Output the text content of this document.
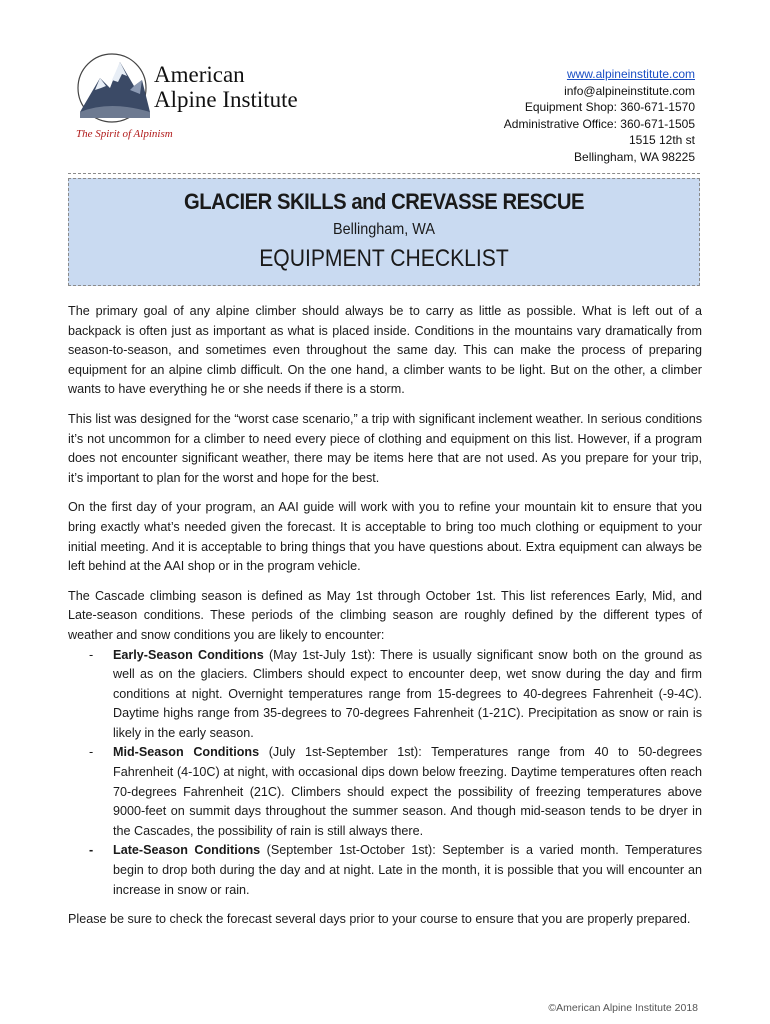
American
Alpine Institute
The Spirit of Alpinism
www.alpineinstitute.com
info@alpineinstitute.com
Equipment Shop: 360-671-1570
Administrative Office: 360-671-1505
1515 12th st
Bellingham, WA 98225
GLACIER SKILLS and CREVASSE RESCUE
Bellingham, WA
EQUIPMENT CHECKLIST

The primary goal of any alpine climber should always be to carry as little as possible. What is left out of a backpack is often just as important as what is placed inside. Conditions in the mountains vary dramatically from season-to-season, and sometimes even throughout the same day. This can make the process of preparing equipment for an alpine climb difficult. On the one hand, a climber wants to be light. But on the other, a climber wants to have everything he or she needs if there is a storm.

This list was designed for the “worst case scenario,” a trip with significant inclement weather. In serious conditions it’s not uncommon for a climber to need every piece of clothing and equipment on this list. However, if a program does not encounter significant weather, there may be items here that are not used. As you prepare for your trip, it’s important to plan for the worst and hope for the best.

On the first day of your program, an AAI guide will work with you to refine your mountain kit to ensure that you bring exactly what’s needed given the forecast. It is acceptable to bring too much clothing or equipment to your initial meeting. And it is acceptable to bring things that you have questions about. Extra equipment can always be left behind at the AAI shop or in the program vehicle.

The Cascade climbing season is defined as May 1st through October 1st. This list references Early, Mid, and Late-season conditions. These periods of the climbing season are roughly defined by the different types of weather and snow conditions you are likely to encounter:

- Early-Season Conditions (May 1st-July 1st): There is usually significant snow both on the ground as well as on the glaciers. Climbers should expect to encounter deep, wet snow during the day and firm conditions at night. Overnight temperatures range from 15-degrees to 40-degrees Fahrenheit (-9-4C). Daytime highs range from 35-degrees to 70-degrees Fahrenheit (1-21C). Precipitation as snow or rain is likely in the early season.
- Mid-Season Conditions (July 1st-September 1st): Temperatures range from 40 to 50-degrees Fahrenheit (4-10C) at night, with occasional dips down below freezing. Daytime temperatures often reach 70-degrees Fahrenheit (21C). Climbers should expect the possibility of freezing temperatures above 9000-feet on summit days throughout the summer season. And though mid-season tends to be dryer in the Cascades, the possibility of rain is still always there.
- Late-Season Conditions (September 1st-October 1st): September is a varied month. Temperatures begin to drop both during the day and at night. Late in the month, it is possible that you will encounter an increase in snow or rain.

Please be sure to check the forecast several days prior to your course to ensure that you are properly prepared.

©American Alpine Institute 2018
